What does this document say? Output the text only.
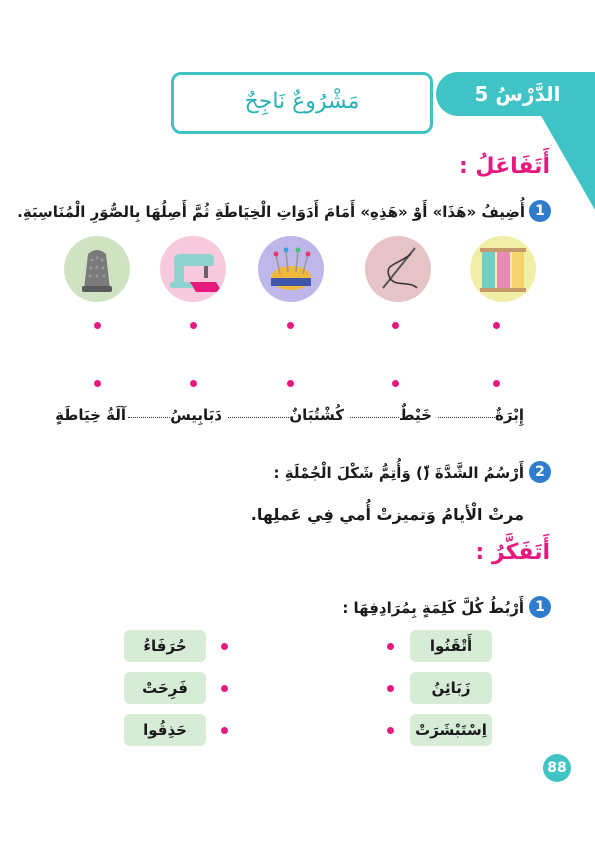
الدَّرْسُ 5
مَشْرُوعٌ نَاجِحٌ
أَتَفَاعَلُ :
1
أُضِيفُ «هَذَا» أَوْ «هَذِهِ» أَمَامَ أَدَوَاتِ الْخِيَاطَةِ ثُمَّ أَصِلُهَا بِالصُّوَرِ الْمُنَاسِبَةِ.
إِبْرَةٌ
خَيْطٌ
كُشْتُبَانٌ
دَبَابِيسُ
آلَةُ خِيَاطَةٍ
2
أَرْسُمُ الشَّدَّةَ (ّ) وَأُتِمُّ شَكْلَ الْجُمْلَةِ :
مرتْ الْأيامُ وَتميزتْ أُمي فِي عَملِها.
أَتَفَكَّرُ :
1
أَرْبُطُ كُلَّ كَلِمَةٍ بِمُرَادِفِهَا :
أَتْقَنُوا
زَبَائِنُ
اِسْتَبْشَرَتْ
حُرَفَاءُ
فَرِحَتْ
حَذِقُوا
88
